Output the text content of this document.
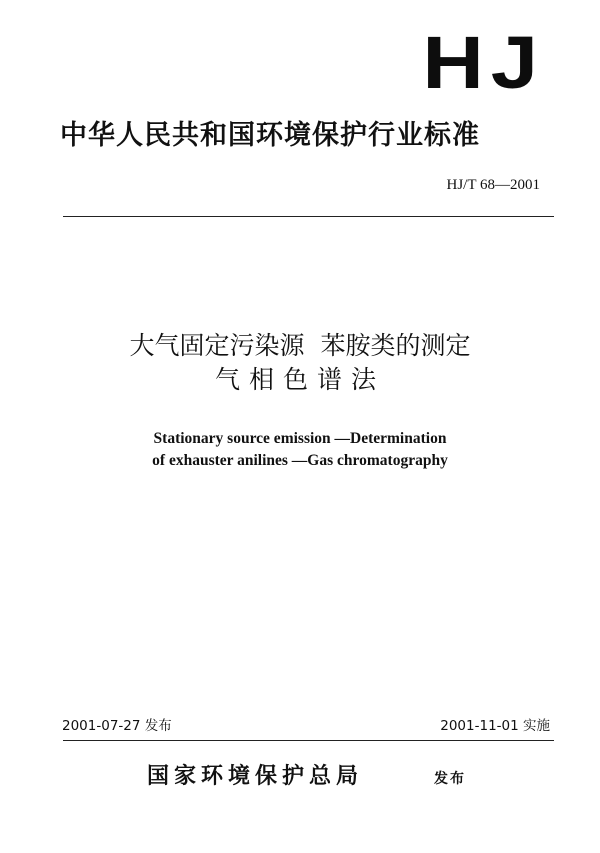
HJ
中华人民共和国环境保护行业标准
HJ/T 68—2001
大气固定污染源  苯胺类的测定
气相色谱法
Stationary source emission —Determination
of exhauster anilines —Gas chromatography
2001-07-27 发布	2001-11-01 实施
国家环境保护总局	发布
